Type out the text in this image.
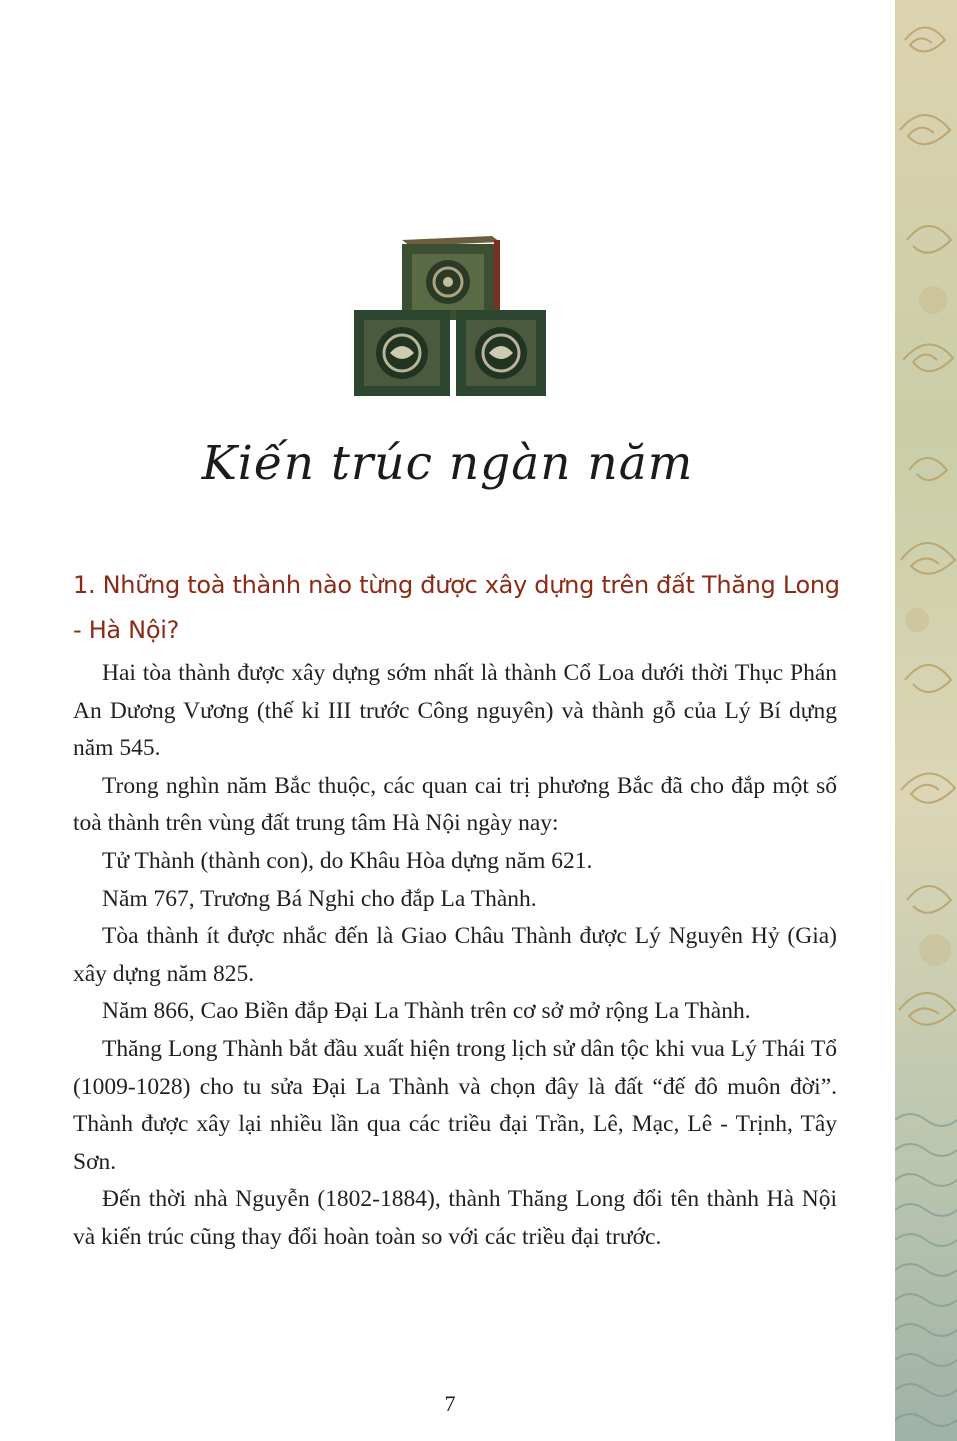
Kiến trúc ngàn năm
1. Những toà thành nào từng được xây dựng trên đất Thăng Long - Hà Nội?

Hai tòa thành được xây dựng sớm nhất là thành Cổ Loa dưới thời Thục Phán An Dương Vương (thế kỉ III trước Công nguyên) và thành gỗ của Lý Bí dựng năm 545.

Trong nghìn năm Bắc thuộc, các quan cai trị phương Bắc đã cho đắp một số toà thành trên vùng đất trung tâm Hà Nội ngày nay:

Tử Thành (thành con), do Khâu Hòa dựng năm 621.

Năm 767, Trương Bá Nghi cho đắp La Thành.

Tòa thành ít được nhắc đến là Giao Châu Thành được Lý Nguyên Hỷ (Gia) xây dựng năm 825.

Năm 866, Cao Biền đắp Đại La Thành trên cơ sở mở rộng La Thành.

Thăng Long Thành bắt đầu xuất hiện trong lịch sử dân tộc khi vua Lý Thái Tổ (1009-1028) cho tu sửa Đại La Thành và chọn đây là đất “đế đô muôn đời”. Thành được xây lại nhiều lần qua các triều đại Trần, Lê, Mạc, Lê - Trịnh, Tây Sơn.

Đến thời nhà Nguyễn (1802-1884), thành Thăng Long đổi tên thành Hà Nội và kiến trúc cũng thay đổi hoàn toàn so với các triều đại trước.

7
